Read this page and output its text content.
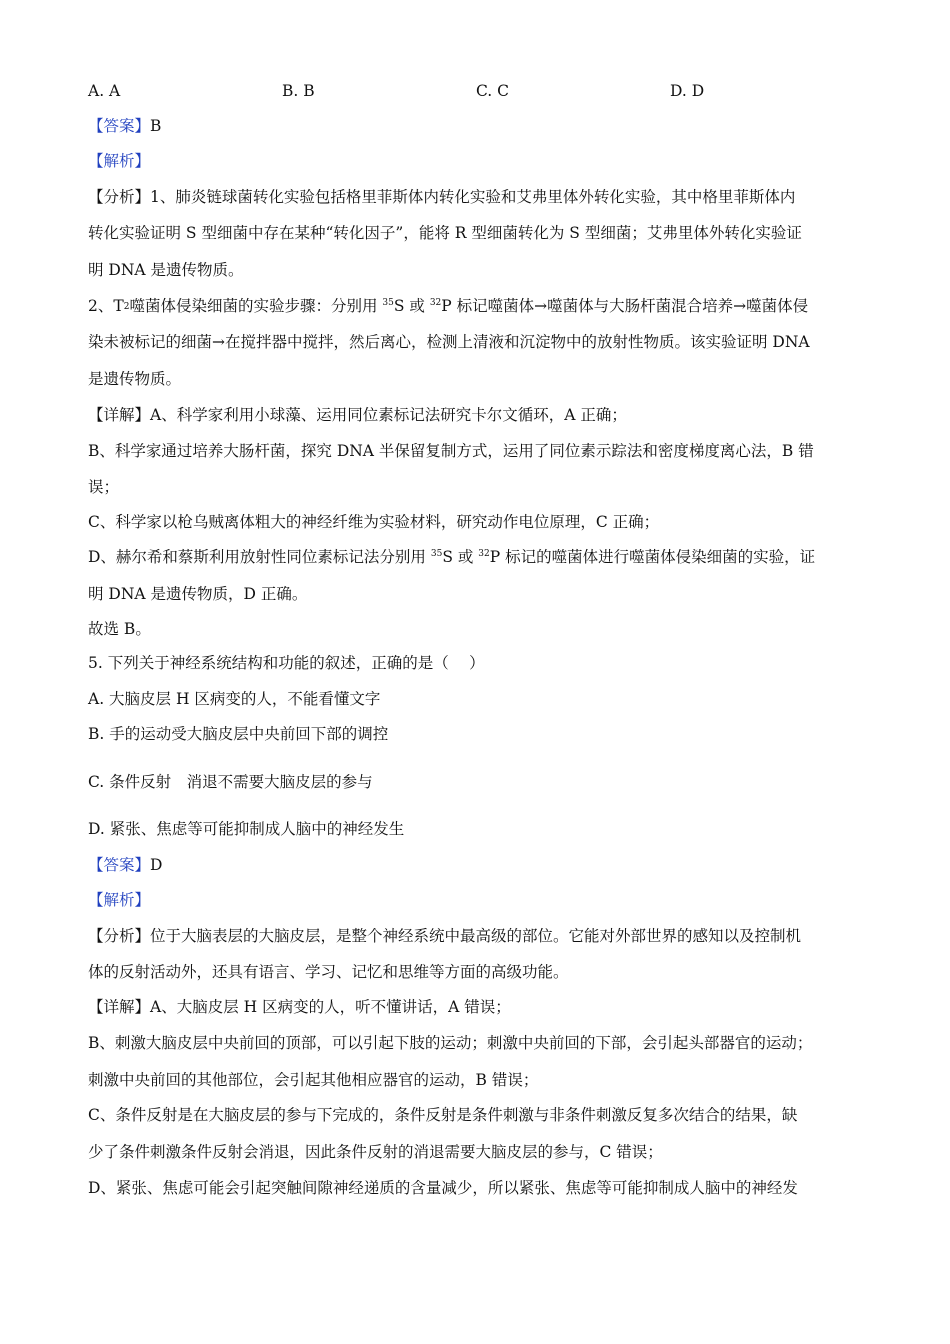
A. A	B. B	C. C	D. D
【答案】B
【解析】
【分析】1、肺炎链球菌转化实验包括格里菲斯体内转化实验和艾弗里体外转化实验，其中格里菲斯体内
转化实验证明 S 型细菌中存在某种“转化因子”，能将 R 型细菌转化为 S 型细菌；艾弗里体外转化实验证
明 DNA 是遗传物质。
2、$T_2$噬菌体侵染细菌的实验步骤：分别用 $^{35}$S 或 $^{32}$P 标记噬菌体→噬菌体与大肠杆菌混合培养→噬菌体侵
染未被标记的细菌→在搅拌器中搅拌，然后离心，检测上清液和沉淀物中的放射性物质。该实验证明 DNA
是遗传物质。
【详解】A、科学家利用小球藻、运用同位素标记法研究卡尔文循环，A 正确；
B、科学家通过培养大肠杆菌，探究 DNA 半保留复制方式，运用了同位素示踪法和密度梯度离心法，B 错
误；
C、科学家以枪乌贼离体粗大的神经纤维为实验材料，研究动作电位原理，C 正确；
D、赫尔希和蔡斯利用放射性同位素标记法分别用 $^{35}$S 或 $^{32}$P 标记的噬菌体进行噬菌体侵染细菌的实验，证
明 DNA 是遗传物质，D 正确。
故选 B。
5. 下列关于神经系统结构和功能的叙述，正确的是（　 ）
A. 大脑皮层 H 区病变的人，不能看懂文字
B. 手的运动受大脑皮层中央前回下部的调控
C. 条件反射　消退不需要大脑皮层的参与
D. 紧张、焦虑等可能抑制成人脑中的神经发生
【答案】D
【解析】
【分析】位于大脑表层的大脑皮层，是整个神经系统中最高级的部位。它能对外部世界的感知以及控制机
体的反射活动外，还具有语言、学习、记忆和思维等方面的高级功能。
【详解】A、大脑皮层 H 区病变的人，听不懂讲话，A 错误；
B、刺激大脑皮层中央前回的顶部，可以引起下肢的运动；刺激中央前回的下部，会引起头部器官的运动；
刺激中央前回的其他部位，会引起其他相应器官的运动，B 错误；
C、条件反射是在大脑皮层的参与下完成的，条件反射是条件刺激与非条件刺激反复多次结合的结果，缺
少了条件刺激条件反射会消退，因此条件反射的消退需要大脑皮层的参与，C 错误；
D、紧张、焦虑可能会引起突触间隙神经递质的含量减少，所以紧张、焦虑等可能抑制成人脑中的神经发
